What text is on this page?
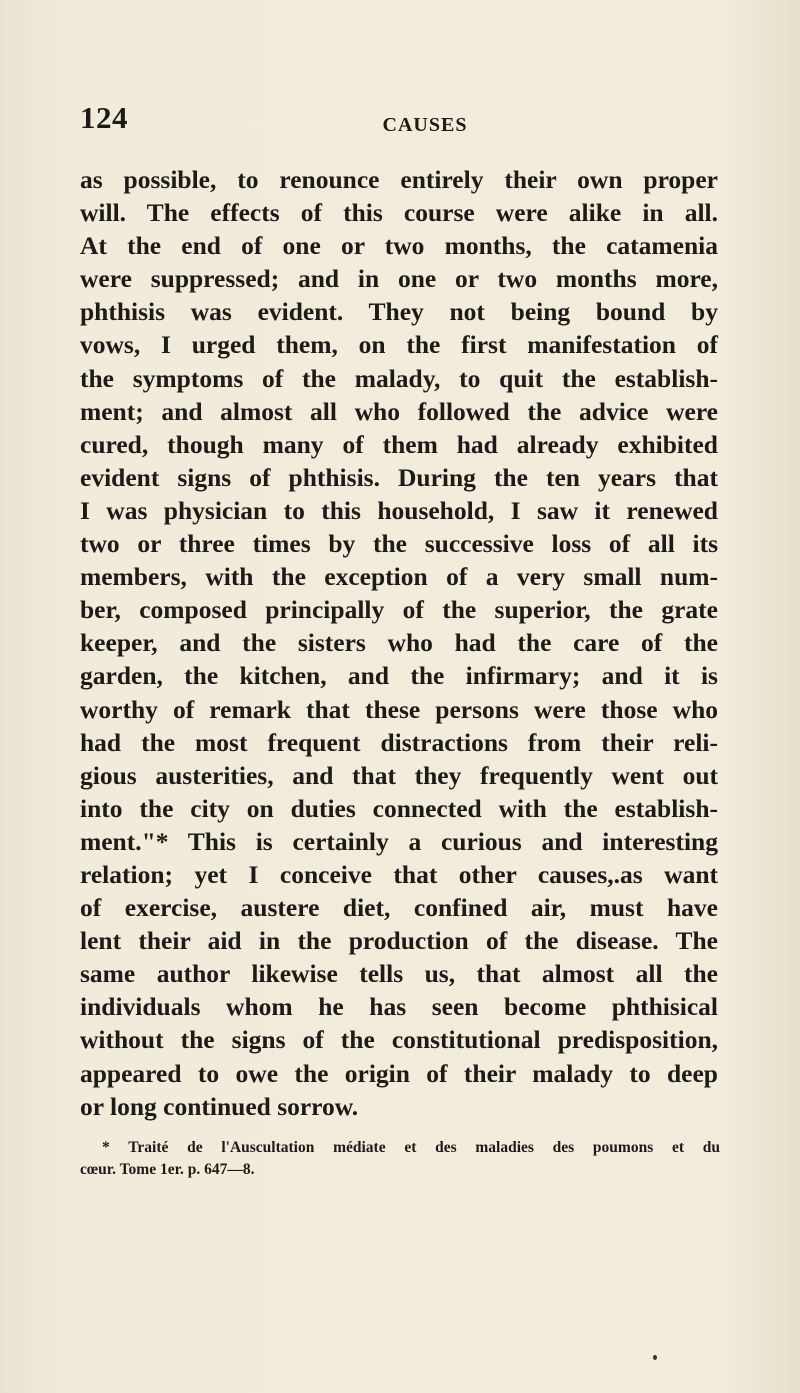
124	CAUSES
as possible, to renounce entirely their own proper
will. The effects of this course were alike in all.
At the end of one or two months, the catamenia
were suppressed; and in one or two months more,
phthisis was evident. They not being bound by
vows, I urged them, on the first manifestation of
the symptoms of the malady, to quit the establish-
ment; and almost all who followed the advice were
cured, though many of them had already exhibited
evident signs of phthisis. During the ten years that
I was physician to this household, I saw it renewed
two or three times by the successive loss of all its
members, with the exception of a very small num-
ber, composed principally of the superior, the grate
keeper, and the sisters who had the care of the
garden, the kitchen, and the infirmary; and it is
worthy of remark that these persons were those who
had the most frequent distractions from their reli-
gious austerities, and that they frequently went out
into the city on duties connected with the establish-
ment."* This is certainly a curious and interesting
relation; yet I conceive that other causes,.as want
of exercise, austere diet, confined air, must have
lent their aid in the production of the disease. The
same author likewise tells us, that almost all the
individuals whom he has seen become phthisical
without the signs of the constitutional predisposition,
appeared to owe the origin of their malady to deep
or long continued sorrow.
* Traité de l'Auscultation médiate et des maladies des poumons et du
cœur. Tome 1er. p. 647—8.
